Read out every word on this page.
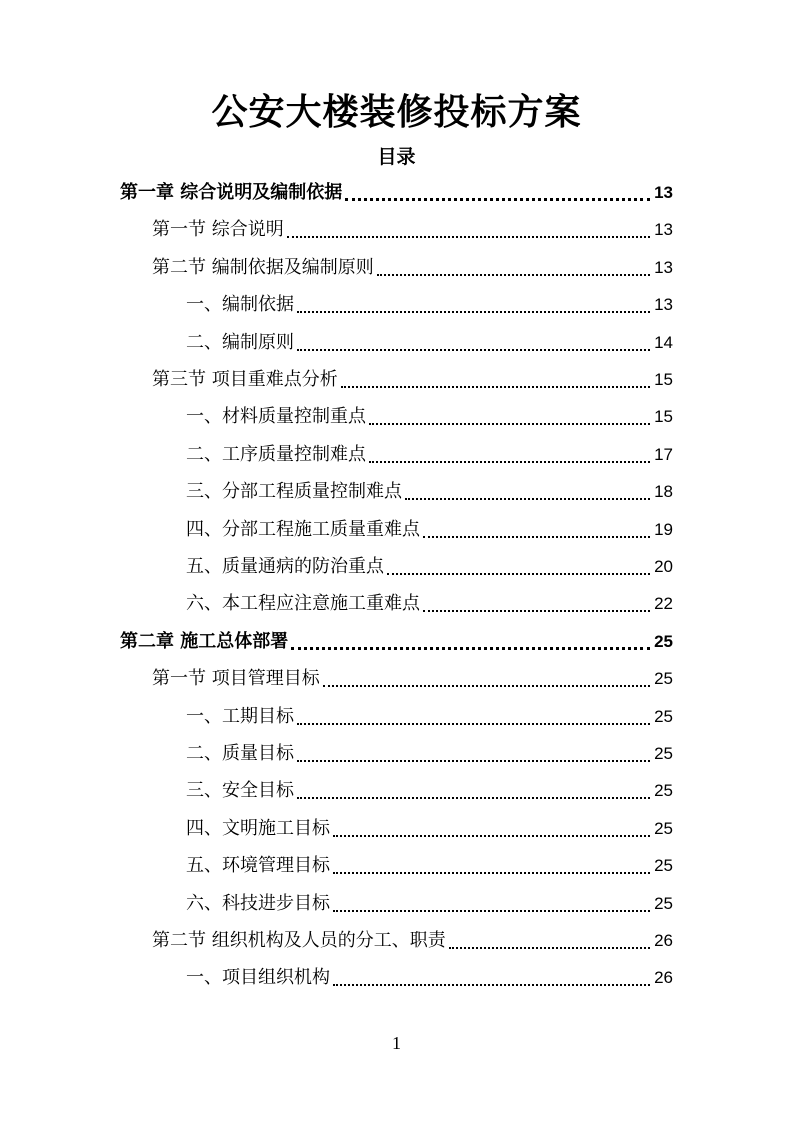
公安大楼装修投标方案
目录
第一章 综合说明及编制依据	13
第一节 综合说明	13
第二节 编制依据及编制原则	13
一、编制依据	13
二、编制原则	14
第三节 项目重难点分析	15
一、材料质量控制重点	15
二、工序质量控制难点	17
三、分部工程质量控制难点	18
四、分部工程施工质量重难点	19
五、质量通病的防治重点	20
六、本工程应注意施工重难点	22
第二章 施工总体部署	25
第一节 项目管理目标	25
一、工期目标	25
二、质量目标	25
三、安全目标	25
四、文明施工目标	25
五、环境管理目标	25
六、科技进步目标	25
第二节 组织机构及人员的分工、职责	26
一、项目组织机构	26
1
